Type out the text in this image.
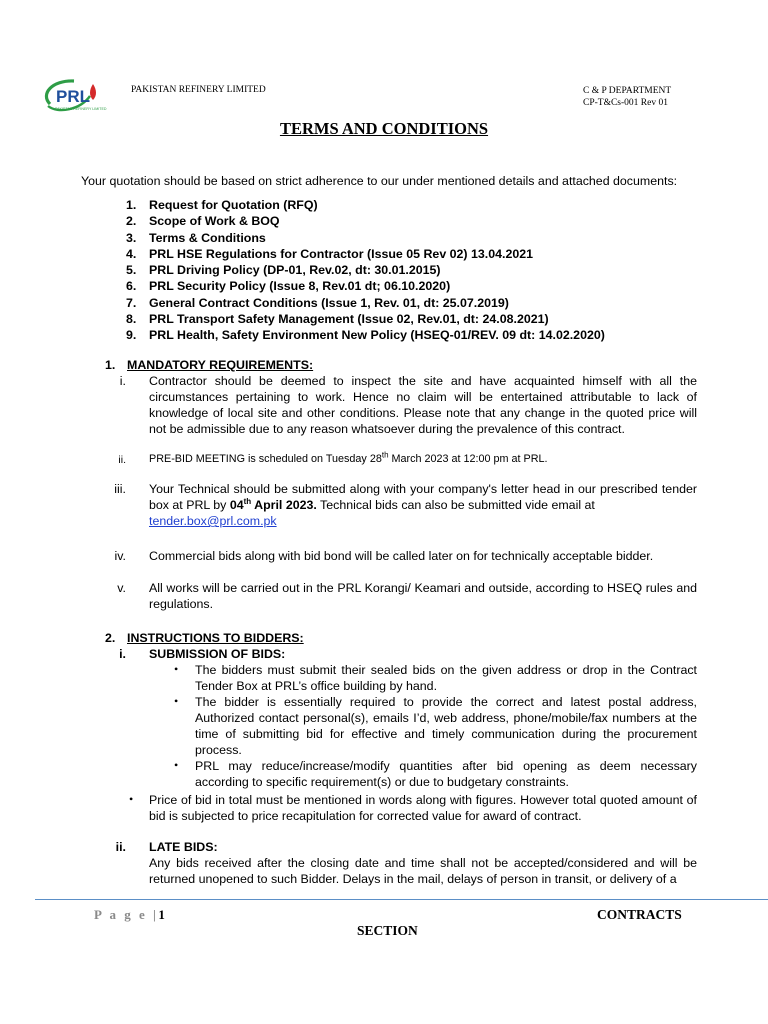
PRL
PAKISTAN REFINERY LIMITED
PAKISTAN REFINERY LIMITED	C & P DEPARTMENT
CP-T&Cs-001 Rev 01
TERMS AND CONDITIONS
Your quotation should be based on strict adherence to our under mentioned details and attached documents:
1.	Request for Quotation (RFQ)
2.	Scope of Work & BOQ
3.	Terms & Conditions
4.	PRL HSE Regulations for Contractor (Issue 05 Rev 02) 13.04.2021
5.	PRL Driving Policy (DP-01, Rev.02, dt: 30.01.2015)
6.	PRL Security Policy (Issue 8, Rev.01 dt; 06.10.2020)
7.	General Contract Conditions (Issue 1, Rev. 01, dt: 25.07.2019)
8.	PRL Transport Safety Management (Issue 02, Rev.01, dt: 24.08.2021)
9.	PRL Health, Safety Environment New Policy (HSEQ-01/REV. 09 dt: 14.02.2020)
1. MANDATORY REQUIREMENTS:
i. Contractor should be deemed to inspect the site and have acquainted himself with all the circumstances pertaining to work. Hence no claim will be entertained attributable to lack of knowledge of local site and other conditions. Please note that any change in the quoted price will not be admissible due to any reason whatsoever during the prevalence of this contract.
ii. PRE-BID MEETING is scheduled on Tuesday 28th March 2023 at 12:00 pm at PRL.
iii. Your Technical should be submitted along with your company's letter head in our prescribed tender box at PRL by 04th April 2023. Technical bids can also be submitted vide email at
tender.box@prl.com.pk
iv. Commercial bids along with bid bond will be called later on for technically acceptable bidder.
v. All works will be carried out in the PRL Korangi/ Keamari and outside, according to HSEQ rules and regulations.
2. INSTRUCTIONS TO BIDDERS:
i. SUBMISSION OF BIDS:
• The bidders must submit their sealed bids on the given address or drop in the Contract Tender Box at PRL’s office building by hand.
• The bidder is essentially required to provide the correct and latest postal address, Authorized contact personal(s), emails I’d, web address, phone/mobile/fax numbers at the time of submitting bid for effective and timely communication during the procurement process.
• PRL may reduce/increase/modify quantities after bid opening as deem necessary according to specific requirement(s) or due to budgetary constraints.
• Price of bid in total must be mentioned in words along with figures. However total quoted amount of bid is subjected to price recapitulation for corrected value for award of contract.
ii. LATE BIDS:
Any bids received after the closing date and time shall not be accepted/considered and will be returned unopened to such Bidder. Delays in the mail, delays of person in transit, or delivery of a
P a g e |1	CONTRACTS
SECTION
